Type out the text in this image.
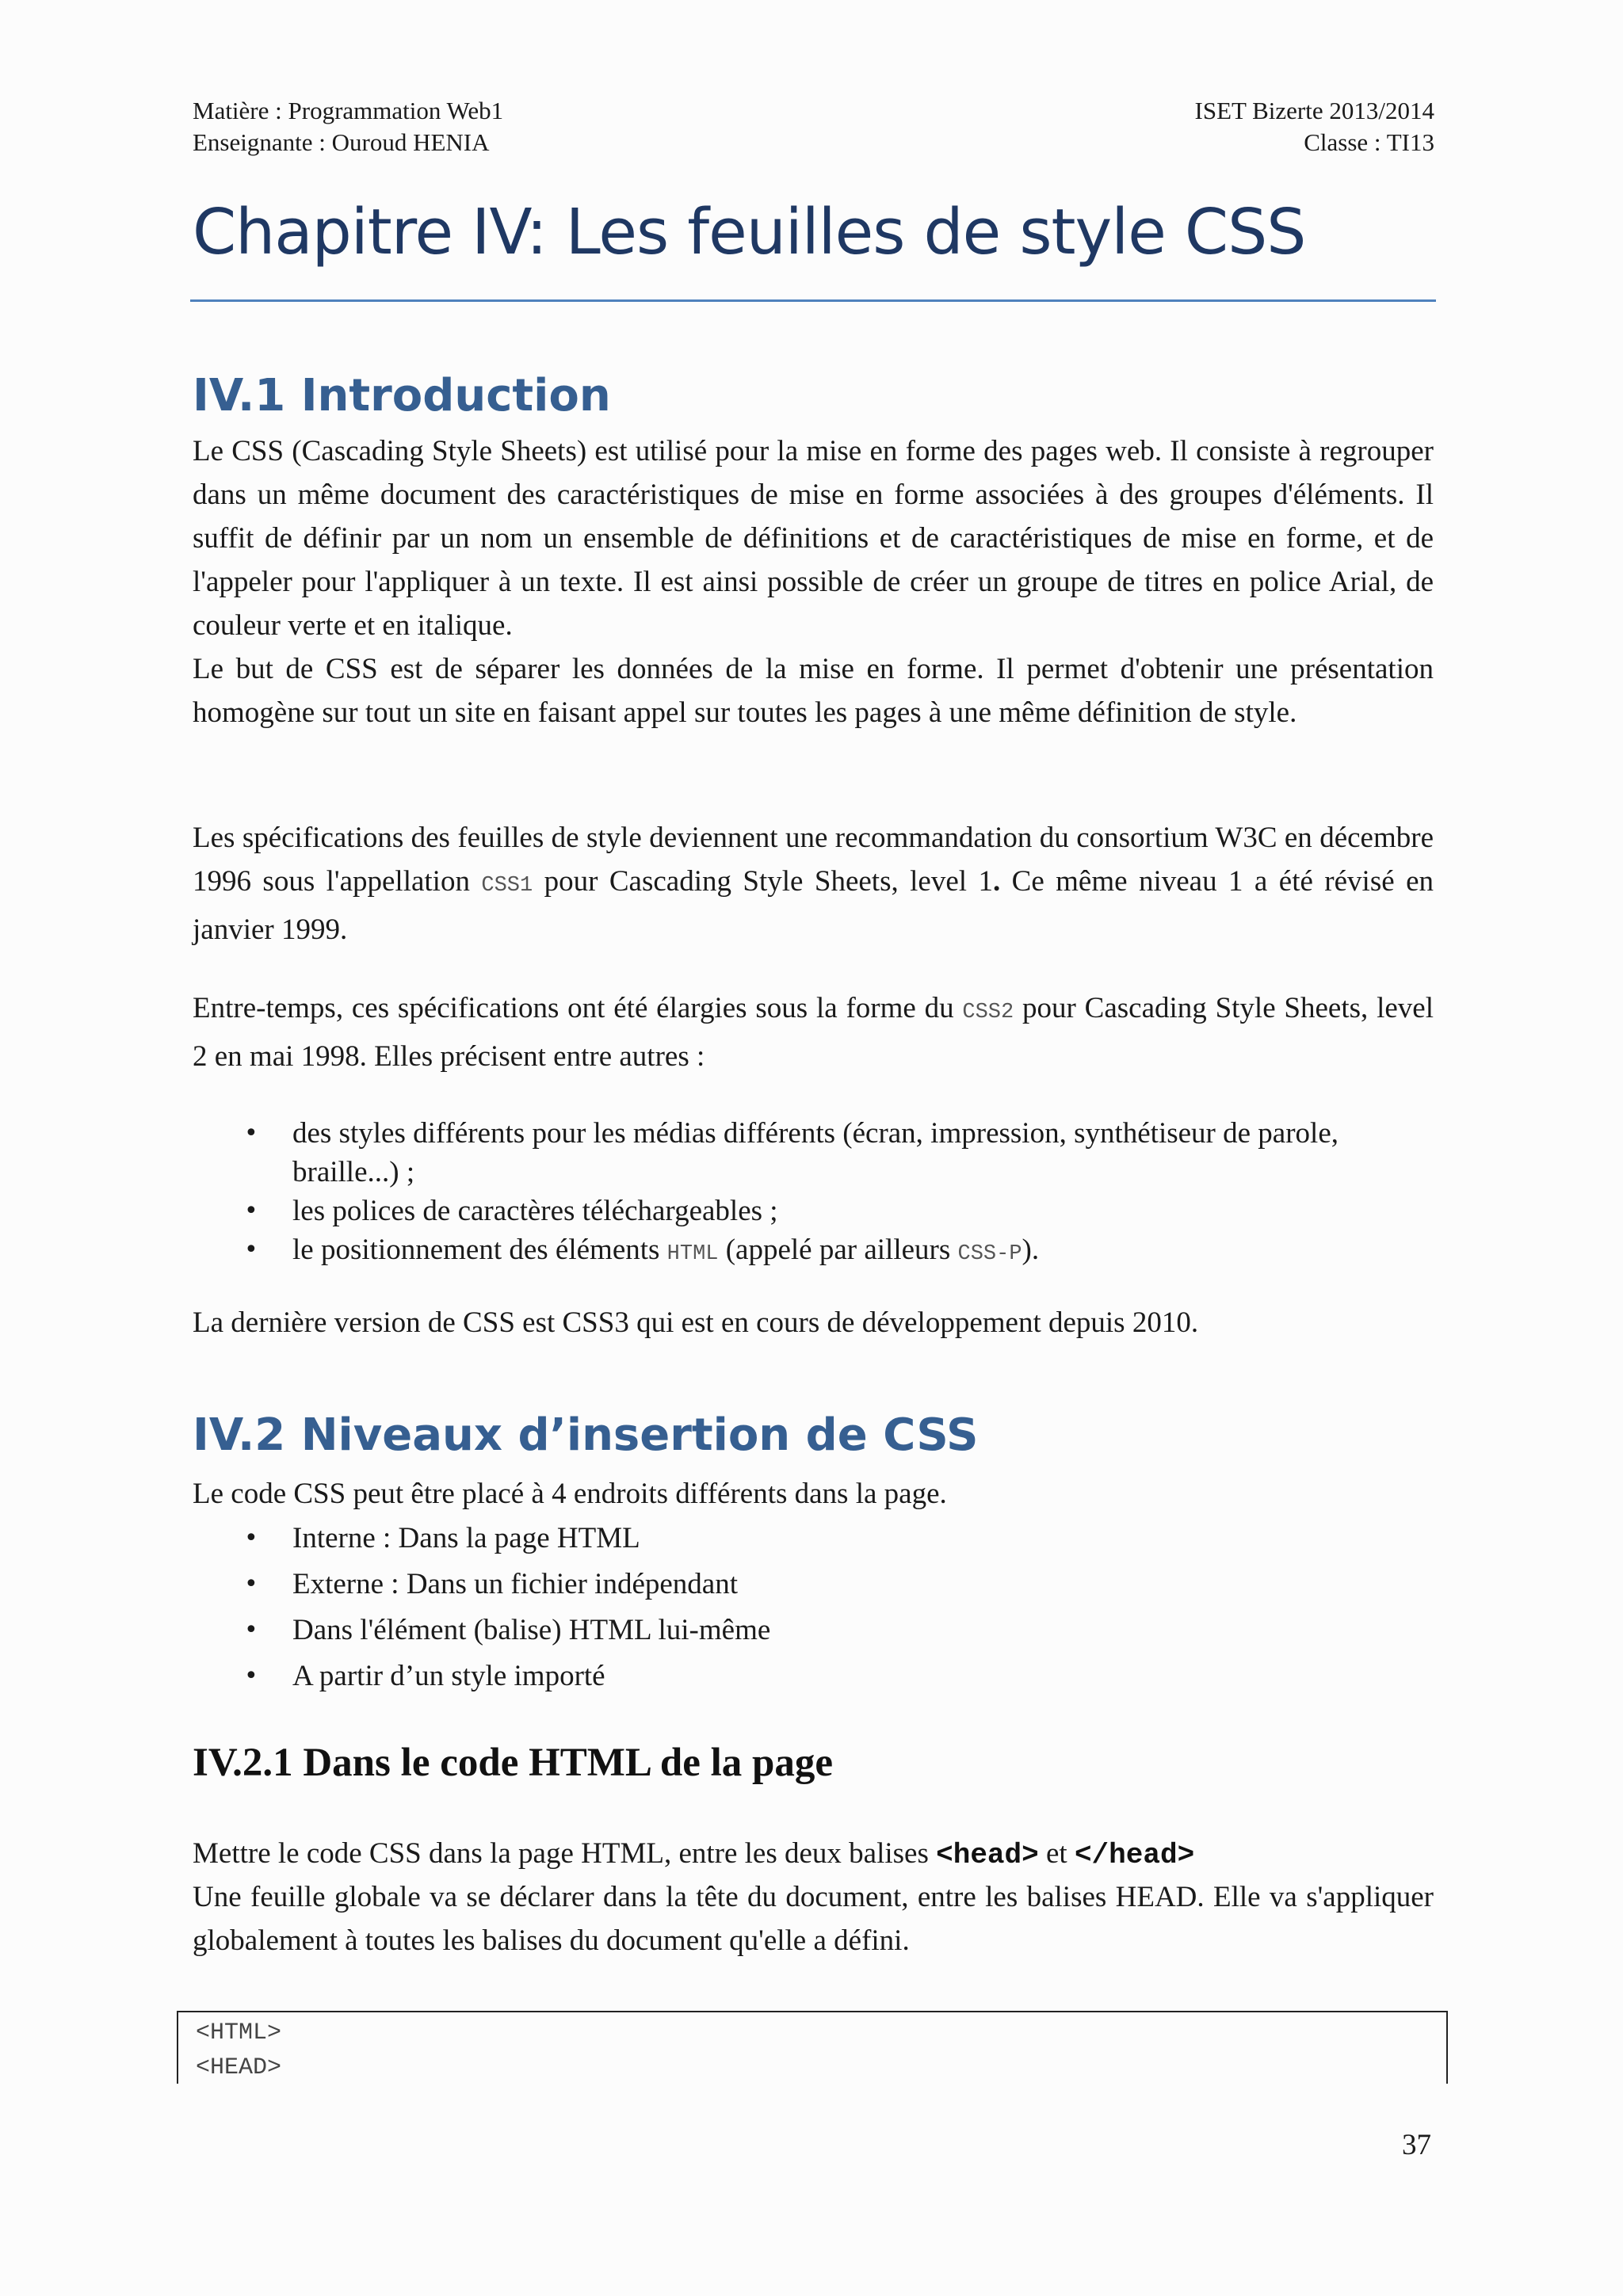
Matière : Programmation Web1
Enseignante : Ouroud HENIA
ISET Bizerte 2013/2014
Classe : TI13
Chapitre IV: Les feuilles de style CSS
IV.1 Introduction

Le CSS (Cascading Style Sheets) est utilisé pour la mise en forme des pages web. Il consiste à regrouper dans un même document des caractéristiques de mise en forme associées à des groupes d'éléments. Il suffit de définir par un nom un ensemble de définitions et de caractéristiques de mise en forme, et de l'appeler pour l'appliquer à un texte. Il est ainsi possible de créer un groupe de titres en police Arial, de couleur verte et en italique.

Le but de CSS est de séparer les données de la mise en forme. Il permet d'obtenir une présentation homogène sur tout un site en faisant appel sur toutes les pages à une même définition de style.

Les spécifications des feuilles de style deviennent une recommandation du consortium W3C en décembre 1996 sous l'appellation CSS1 pour Cascading Style Sheets, level 1. Ce même niveau 1 a été révisé en janvier 1999.

Entre-temps, ces spécifications ont été élargies sous la forme du CSS2 pour Cascading Style Sheets, level 2 en mai 1998. Elles précisent entre autres :

• des styles différents pour les médias différents (écran, impression, synthétiseur de parole, braille...) ;
• les polices de caractères téléchargeables ;
• le positionnement des éléments HTML (appelé par ailleurs CSS-P).

La dernière version de CSS est CSS3 qui est en cours de développement depuis 2010.

IV.2 Niveaux d’insertion de CSS

Le code CSS peut être placé à 4 endroits différents dans la page.

• Interne : Dans la page HTML
• Externe : Dans un fichier indépendant
• Dans l'élément (balise) HTML lui-même
• A partir d’un style importé
IV.2.1 Dans le code HTML de la page

Mettre le code CSS dans la page HTML, entre les deux balises <head> et </head>

Une feuille globale va se déclarer dans la tête du document, entre les balises HEAD. Elle va s'appliquer globalement à toutes les balises du document qu'elle a défini.

<HTML>
<HEAD>
37
